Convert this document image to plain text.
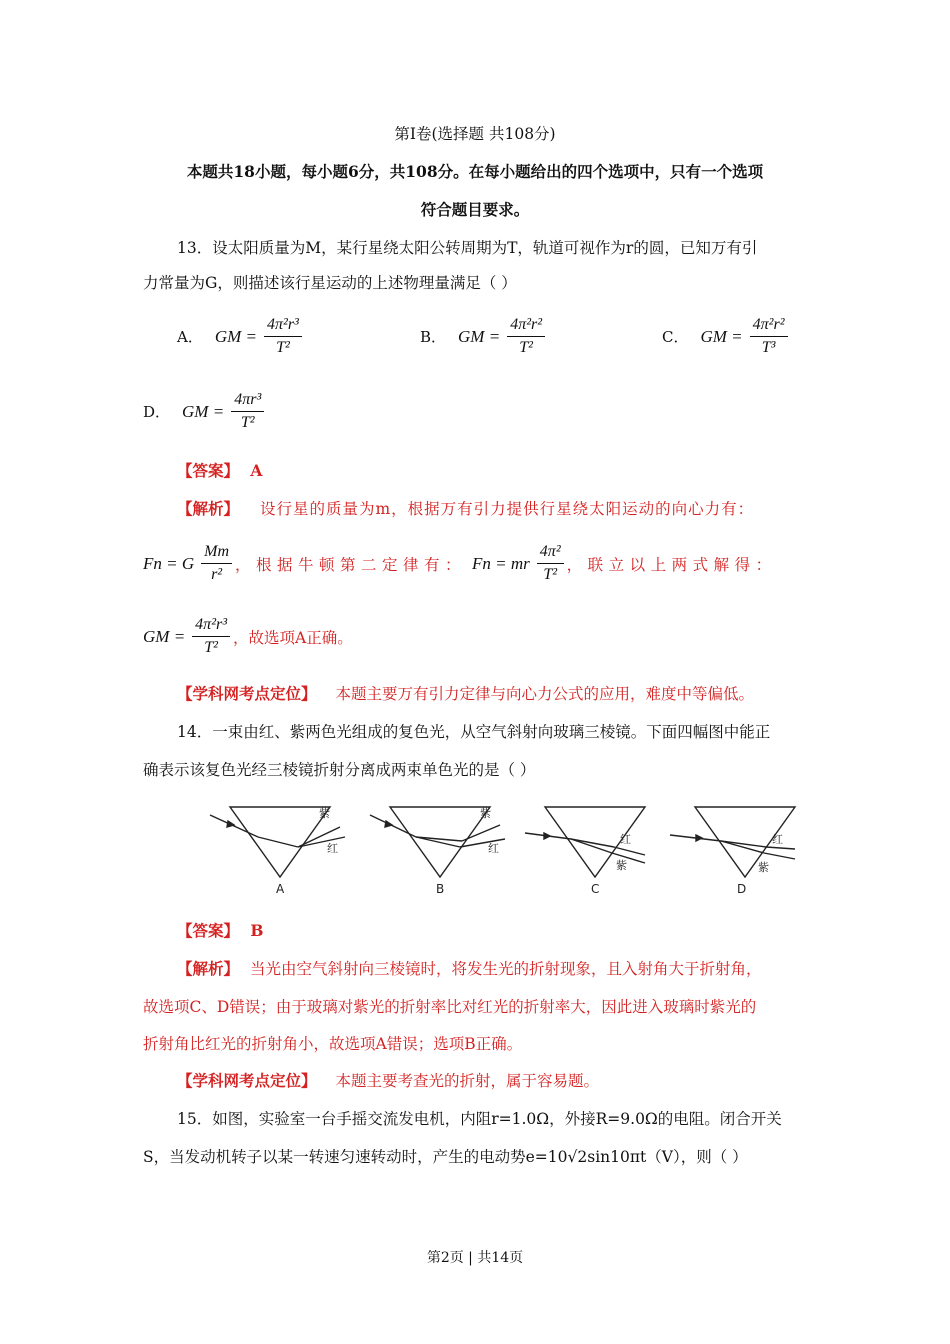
第I卷(选择题 共108分)
本题共18小题，每小题6分，共108分。在每小题给出的四个选项中，只有一个选项
符合题目要求。
13．设太阳质量为M，某行星绕太阳公转周期为T，轨道可视作为r的圆，已知万有引
力常量为G，则描述该行星运动的上述物理量满足（ ）
A． GM = $\frac{\text{4π²r³}}{\text{T²}}$	B． GM = $\frac{\text{4π²r²}}{\text{T²}}$	C． GM = $\frac{\text{4π²r²}}{\text{T³}}$
D． GM = $\frac{\text{4πr³}}{\text{T²}}$
【答案】 A
【解析】 设行星的质量为m，根据万有引力提供行星绕太阳运动的向心力有：
Fn = G $\frac{Mm}{\text{r²}}$ ，根据牛顿第二定律有： Fn = mr $\frac{\text{4π²}}{\text{T²}}$ ，联立以上两式解得：
GM = $\frac{\text{4π²r³}}{\text{T²}}$ ，故选项A正确。
【学科网考点定位】 本题主要万有引力定律与向心力公式的应用，难度中等偏低。
14．一束由红、紫两色光组成的复色光，从空气斜射向玻璃三棱镜。下面四幅图中能正
确表示该复色光经三棱镜折射分离成两束单色光的是（ ）
紫
红
A
紫
红
B
红
紫
C
红
紫
D
【答案】 B
【解析】 当光由空气斜射向三棱镜时，将发生光的折射现象，且入射角大于折射角，
故选项C、D错误；由于玻璃对紫光的折射率比对红光的折射率大，因此进入玻璃时紫光的
折射角比红光的折射角小，故选项A错误；选项B正确。
【学科网考点定位】 本题主要考查光的折射，属于容易题。
15．如图，实验室一台手摇交流发电机，内阻r=1.0Ω，外接R=9.0Ω的电阻。闭合开关
S，当发动机转子以某一转速匀速转动时，产生的电动势e=10√2sin10πt（V），则（ ）
第2页 | 共14页
